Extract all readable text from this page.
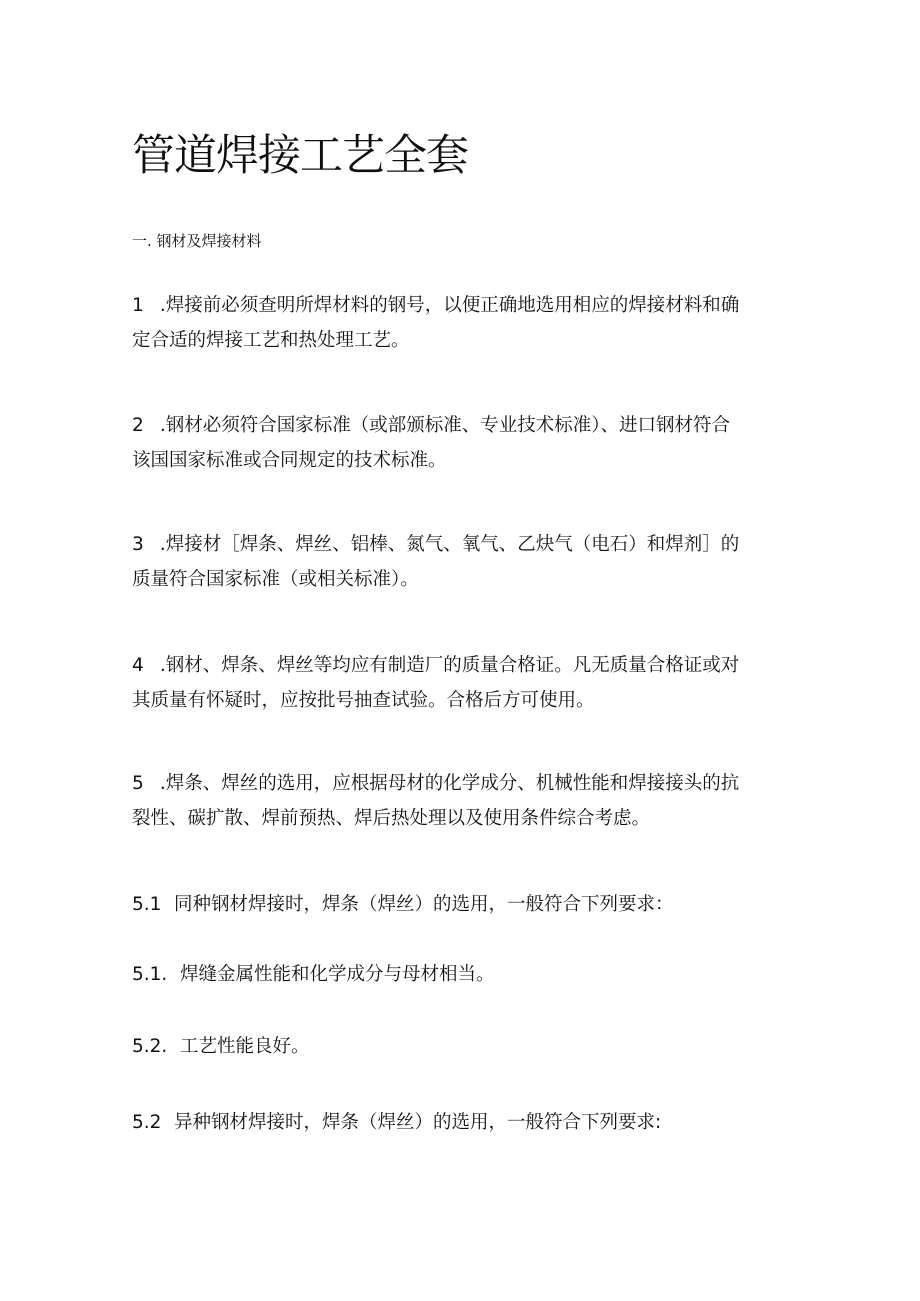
管道焊接工艺全套

一. 钢材及焊接材料

1 .焊接前必须查明所焊材料的钢号，以便正确地选用相应的焊接材料和确
定合适的焊接工艺和热处理工艺。
2 .钢材必须符合国家标准（或部颁标准、专业技术标准）、进口钢材符合
该国国家标准或合同规定的技术标准。
3 .焊接材［焊条、焊丝、铝棒、氮气、氧气、乙炔气（电石）和焊剂］的
质量符合国家标准（或相关标准）。
4 .钢材、焊条、焊丝等均应有制造厂的质量合格证。凡无质量合格证或对
其质量有怀疑时，应按批号抽查试验。合格后方可使用。
5 .焊条、焊丝的选用，应根据母材的化学成分、机械性能和焊接接头的抗
裂性、碳扩散、焊前预热、焊后热处理以及使用条件综合考虑。

5.1 同种钢材焊接时，焊条（焊丝）的选用，一般符合下列要求：

5.1. 焊缝金属性能和化学成分与母材相当。

5.2. 工艺性能良好。

5.2 异种钢材焊接时，焊条（焊丝）的选用，一般符合下列要求:
